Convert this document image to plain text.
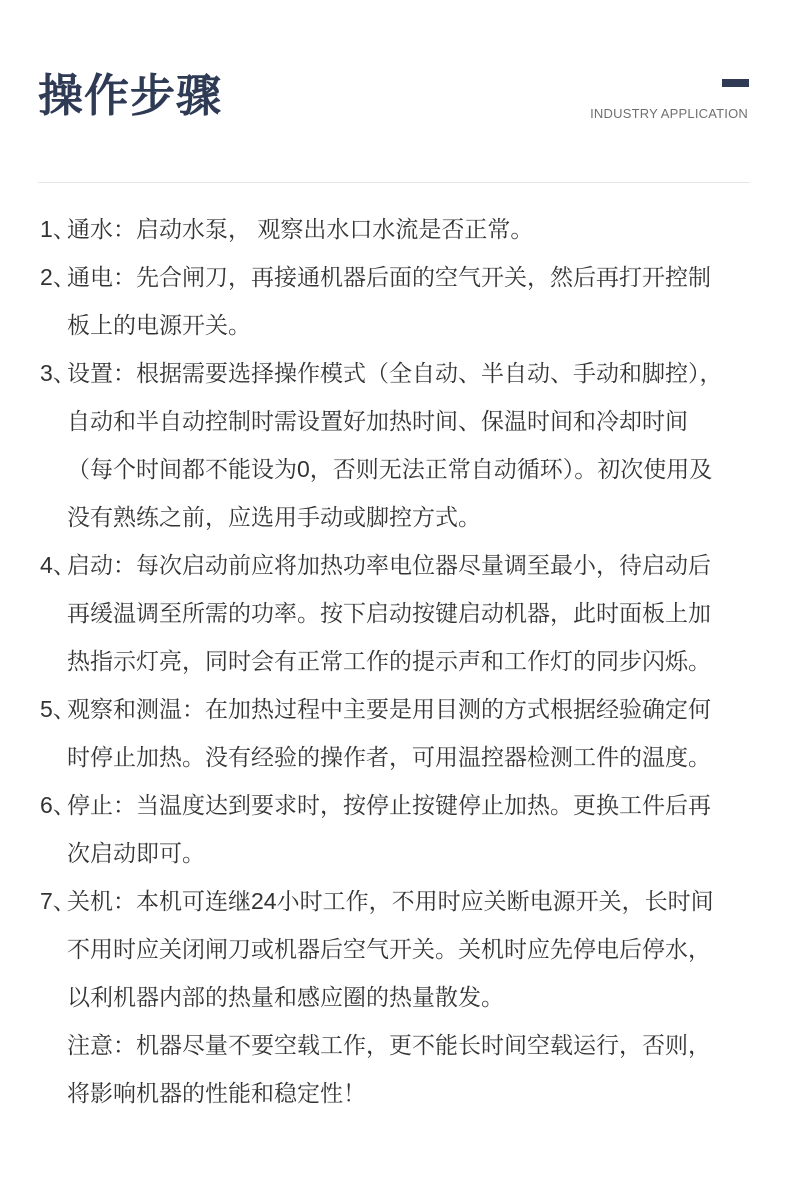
操作步骤	INDUSTRY APPLICATION
1、通水：启动水泵， 观察出水口水流是否正常。
2、通电：先合闸刀，再接通机器后面的空气开关，然后再打开控制
板上的电源开关。
3、设置：根据需要选择操作模式（全自动、半自动、手动和脚控），
自动和半自动控制时需设置好加热时间、保温时间和冷却时间
（每个时间都不能设为0，否则无法正常自动循环）。初次使用及
没有熟练之前，应选用手动或脚控方式。
4、启动：每次启动前应将加热功率电位器尽量调至最小，待启动后
再缓温调至所需的功率。按下启动按键启动机器，此时面板上加
热指示灯亮，同时会有正常工作的提示声和工作灯的同步闪烁。
5、观察和测温：在加热过程中主要是用目测的方式根据经验确定何
时停止加热。没有经验的操作者，可用温控器检测工件的温度。
6、停止：当温度达到要求时，按停止按键停止加热。更换工件后再
次启动即可。
7、关机：本机可连继24小时工作，不用时应关断电源开关，长时间
不用时应关闭闸刀或机器后空气开关。关机时应先停电后停水，
以利机器内部的热量和感应圈的热量散发。
注意：机器尽量不要空载工作，更不能长时间空载运行，否则，
将影响机器的性能和稳定性！
